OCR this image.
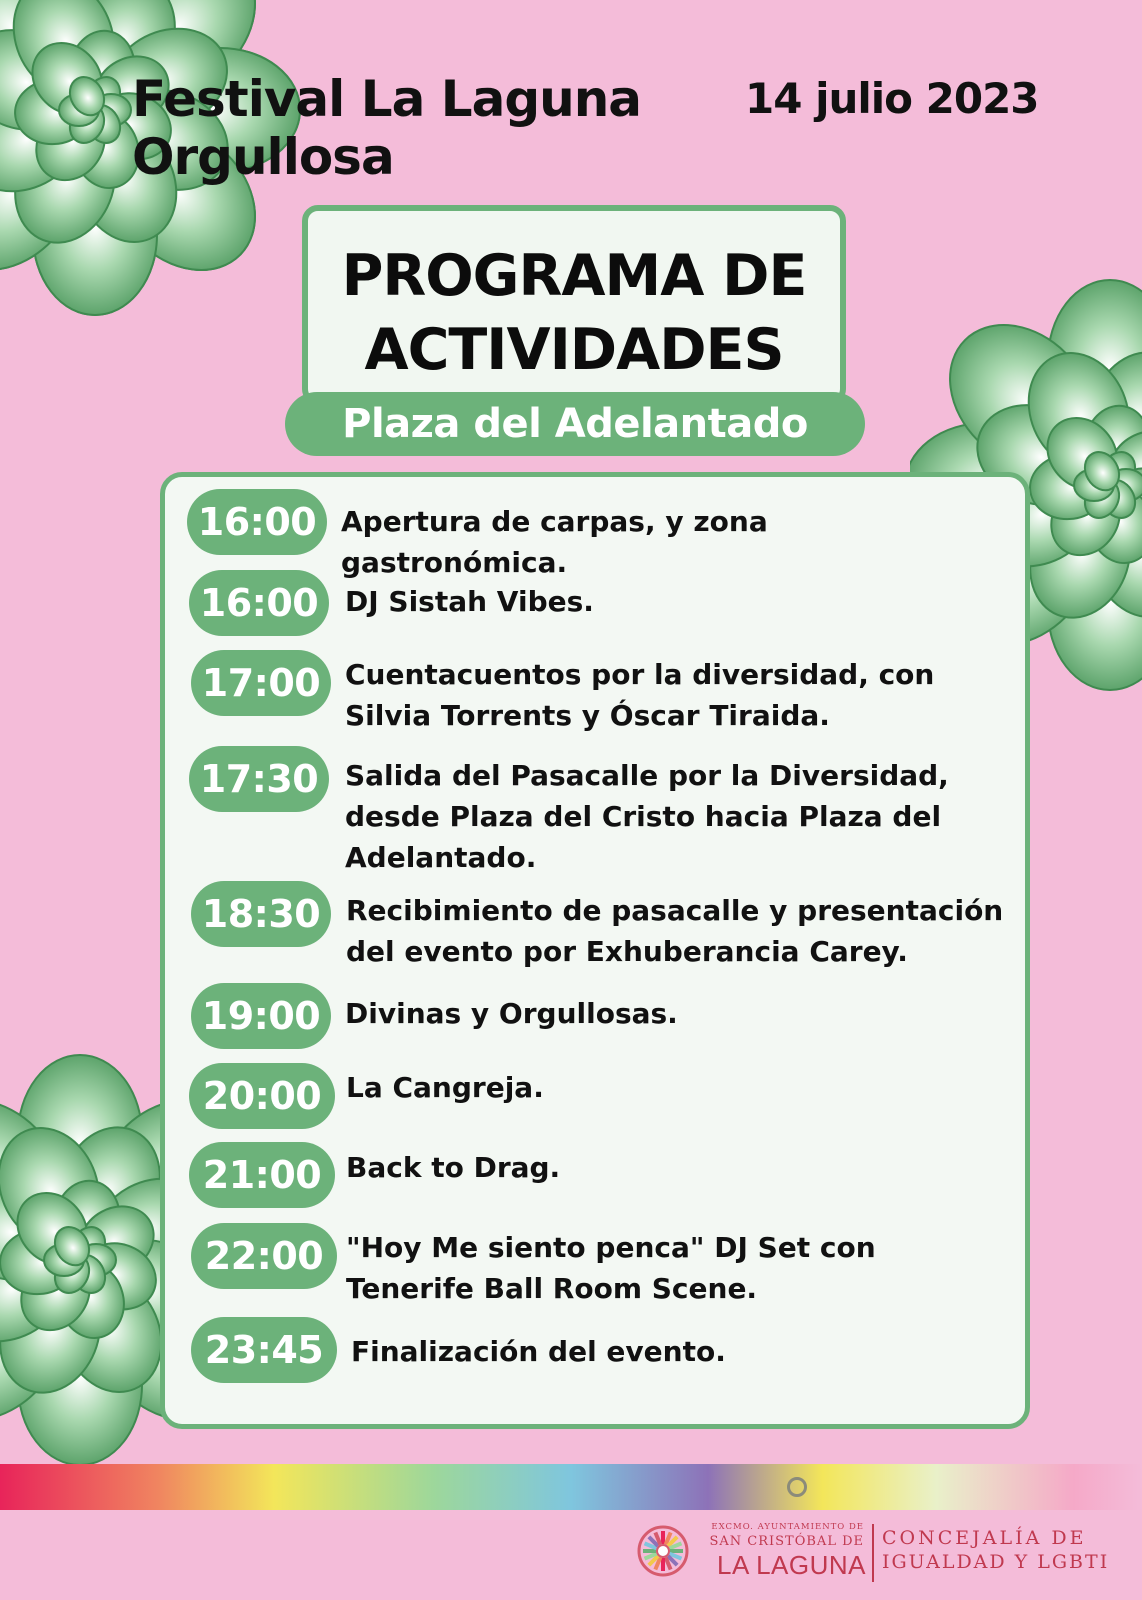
Festival La Laguna Orgullosa
14 julio 2023
PROGRAMA DE
ACTIVIDADES
Plaza del Adelantado
16:00 Apertura de carpas, y zona gastronómica.
16:00 DJ Sistah Vibes.
17:00 Cuentacuentos por la diversidad, con Silvia Torrents y Óscar Tiraida.
17:30 Salida del Pasacalle por la Diversidad, desde Plaza del Cristo hacia Plaza del Adelantado.
18:30 Recibimiento de pasacalle y presentación del evento por Exhuberancia Carey.
19:00 Divinas y Orgullosas.
20:00 La Cangreja.
21:00 Back to Drag.
22:00 "Hoy Me siento penca" DJ Set con Tenerife Ball Room Scene.
23:45 Finalización del evento.
EXCMO. AYUNTAMIENTO DE
SAN CRISTÓBAL DE
LA LAGUNA
CONCEJALÍA DE
IGUALDAD Y LGBTI
